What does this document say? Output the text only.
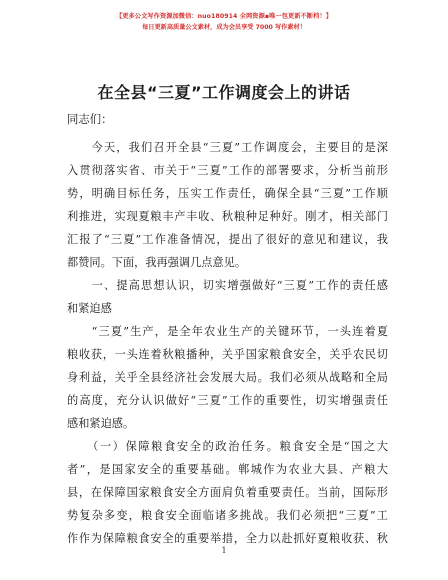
【更多公文写作资源加微信：nuo180914 全网资源▪唯一包更新不断档！】
每日更新高质量公文素材，成为会员享受 7000 写作素材！
在全县“三夏”工作调度会上的讲话
同志们：
　　今天，我们召开全县“三夏”工作调度会，主要目的是深
入贯彻落实省、市关于“三夏”工作的部署要求，分析当前形
势，明确目标任务，压实工作责任，确保全县“三夏”工作顺
利推进，实现夏粮丰产丰收、秋粮种足种好。刚才，相关部门
汇报了“三夏”工作准备情况，提出了很好的意见和建议，我
都赞同。下面，我再强调几点意见。
　　一、提高思想认识，切实增强做好“三夏”工作的责任感
和紧迫感
　　“三夏”生产，是全年农业生产的关键环节，一头连着夏
粮收获，一头连着秋粮播种，关乎国家粮食安全，关乎农民切
身利益，关乎全县经济社会发展大局。我们必须从战略和全局
的高度，充分认识做好“三夏”工作的重要性，切实增强责任
感和紧迫感。
　　（一）保障粮食安全的政治任务。粮食安全是“国之大
者”，是国家安全的重要基础。郸城作为农业大县、产粮大
县，在保障国家粮食安全方面肩负着重要责任。当前，国际形
势复杂多变，粮食安全面临诸多挑战。我们必须把“三夏”工
作作为保障粮食安全的重要举措，全力以赴抓好夏粮收获、秋
1
